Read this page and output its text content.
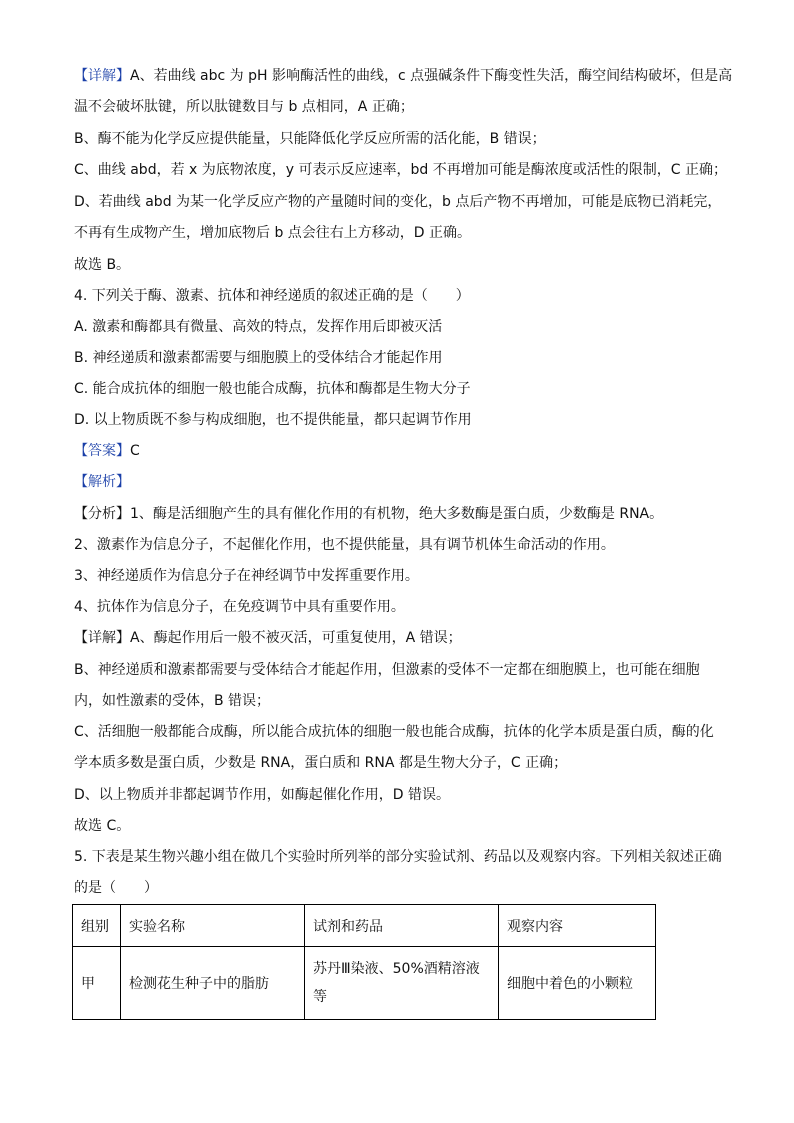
【详解】A、若曲线 abc 为 pH 影响酶活性的曲线，c 点强碱条件下酶变性失活，酶空间结构破坏，但是高
温不会破坏肽键，所以肽键数目与 b 点相同，A 正确；
B、酶不能为化学反应提供能量，只能降低化学反应所需的活化能，B 错误；
C、曲线 abd，若 x 为底物浓度，y 可表示反应速率，bd 不再增加可能是酶浓度或活性的限制，C 正确；
D、若曲线 abd 为某一化学反应产物的产量随时间的变化，b 点后产物不再增加，可能是底物已消耗完，
不再有生成物产生，增加底物后 b 点会往右上方移动，D 正确。
故选 B。
4. 下列关于酶、激素、抗体和神经递质的叙述正确的是（　　）
A. 激素和酶都具有微量、高效的特点，发挥作用后即被灭活
B. 神经递质和激素都需要与细胞膜上的受体结合才能起作用
C. 能合成抗体的细胞一般也能合成酶，抗体和酶都是生物大分子
D. 以上物质既不参与构成细胞，也不提供能量，都只起调节作用
【答案】C
【解析】
【分析】1、酶是活细胞产生的具有催化作用的有机物，绝大多数酶是蛋白质，少数酶是 RNA。
2、激素作为信息分子，不起催化作用，也不提供能量，具有调节机体生命活动的作用。
3、神经递质作为信息分子在神经调节中发挥重要作用。
4、抗体作为信息分子，在免疫调节中具有重要作用。
【详解】A、酶起作用后一般不被灭活，可重复使用，A 错误；
B、神经递质和激素都需要与受体结合才能起作用，但激素的受体不一定都在细胞膜上，也可能在细胞
内，如性激素的受体，B 错误；
C、活细胞一般都能合成酶，所以能合成抗体的细胞一般也能合成酶，抗体的化学本质是蛋白质，酶的化
学本质多数是蛋白质，少数是 RNA，蛋白质和 RNA 都是生物大分子，C 正确；
D、以上物质并非都起调节作用，如酶起催化作用，D 错误。
故选 C。
5. 下表是某生物兴趣小组在做几个实验时所列举的部分实验试剂、药品以及观察内容。下列相关叙述正确
的是（　　）
组别	实验名称	试剂和药品	观察内容
甲	检测花生种子中的脂肪	苏丹Ⅲ染液、50%酒精溶液等	细胞中着色的小颗粒
